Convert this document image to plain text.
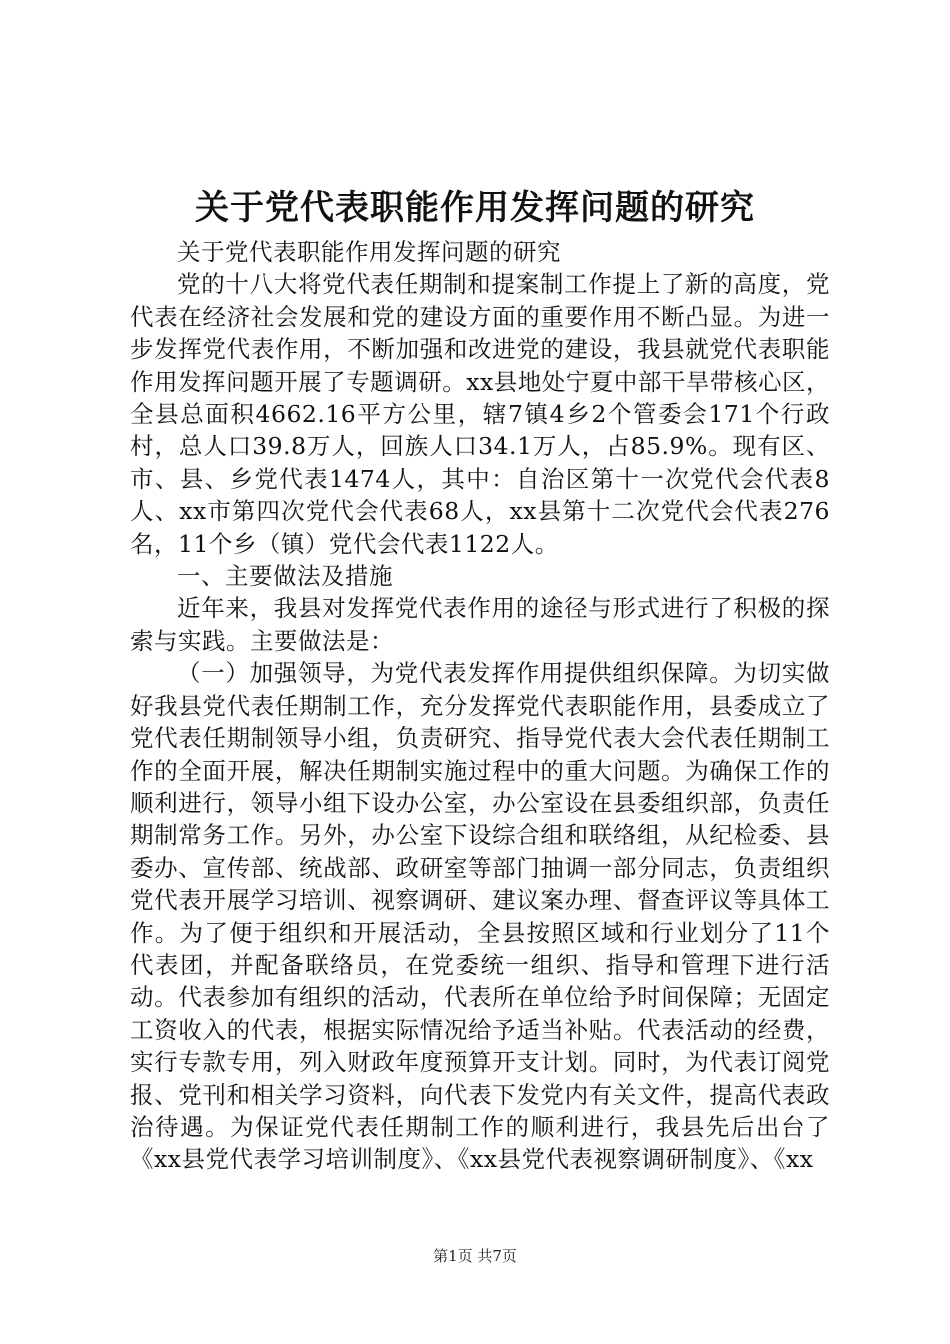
关于党代表职能作用发挥问题的研究

关于党代表职能作用发挥问题的研究

党的十八大将党代表任期制和提案制工作提上了新的高度，党代表在经济社会发展和党的建设方面的重要作用不断凸显。为进一步发挥党代表作用，不断加强和改进党的建设，我县就党代表职能作用发挥问题开展了专题调研。xx县地处宁夏中部干旱带核心区，全县总面积4662.16平方公里，辖7镇4乡2个管委会171个行政村，总人口39.8万人，回族人口34.1万人，占85.9%。现有区、市、县、乡党代表1474人，其中：自治区第十一次党代会代表8人、xx市第四次党代会代表68人，xx县第十二次党代会代表276名，11个乡（镇）党代会代表1122人。

一、主要做法及措施

近年来，我县对发挥党代表作用的途径与形式进行了积极的探索与实践。主要做法是：

（一）加强领导，为党代表发挥作用提供组织保障。为切实做好我县党代表任期制工作，充分发挥党代表职能作用，县委成立了党代表任期制领导小组，负责研究、指导党代表大会代表任期制工作的全面开展，解决任期制实施过程中的重大问题。为确保工作的顺利进行，领导小组下设办公室，办公室设在县委组织部，负责任期制常务工作。另外，办公室下设综合组和联络组，从纪检委、县委办、宣传部、统战部、政研室等部门抽调一部分同志，负责组织党代表开展学习培训、视察调研、建议案办理、督查评议等具体工作。为了便于组织和开展活动，全县按照区域和行业划分了11个代表团，并配备联络员，在党委统一组织、指导和管理下进行活动。代表参加有组织的活动，代表所在单位给予时间保障；无固定工资收入的代表，根据实际情况给予适当补贴。代表活动的经费，实行专款专用，列入财政年度预算开支计划。同时，为代表订阅党报、党刊和相关学习资料，向代表下发党内有关文件，提高代表政治待遇。为保证党代表任期制工作的顺利进行，我县先后出台了《xx县党代表学习培训制度》、《xx县党代表视察调研制度》、《xx

第1页 共7页
